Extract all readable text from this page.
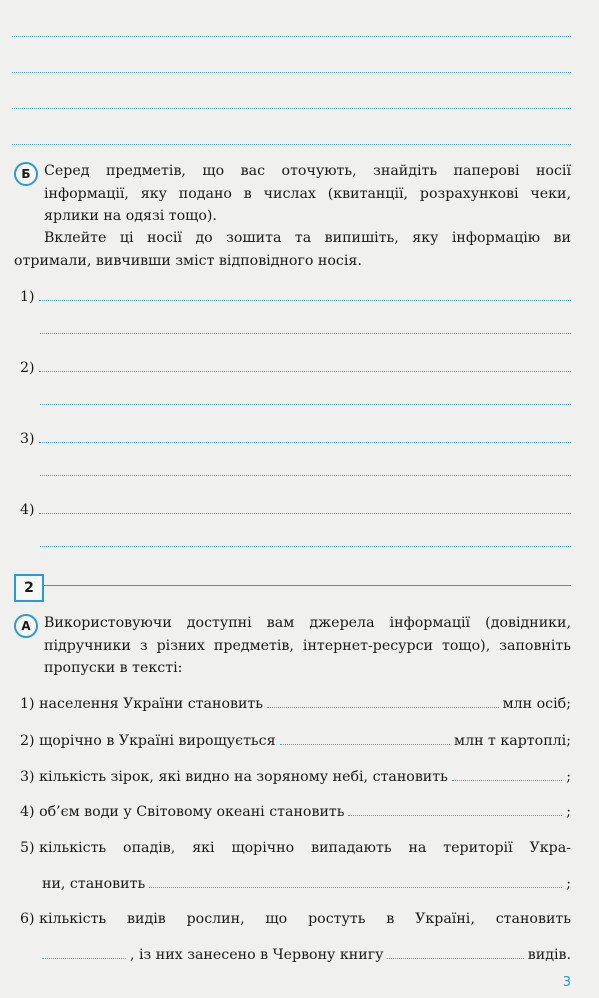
Б Серед предметів, що вас оточують, знайдіть паперові носії інформації, яку подано в числах (квитанції, розрахункові чеки, ярлики на одязі тощо).

Вклейте ці носії до зошита та випишіть, яку інформацію ви отримали, вивчивши зміст відповідного носія.

1)
2)
3)
4)
2
А Використовуючи доступні вам джерела інформації (довідники, підручники з різних предметів, інтернет-ресурси тощо), заповніть пропуски в тексті:

1)
населення України становить	млн осіб;
2)
щорічно в Україні вирощується	млн т картоплі;
3)
кількість зірок, які видно на зоряному небі, становить	;
4)
об’єм води у Світовому океані становить	;
5)
кількість опадів, які щорічно випадають на території Укра-
ни, становить	;
6)
кількість видів рослин, що ростуть в Україні, становить
, із них занесено в Червону книгу	видів.
3
